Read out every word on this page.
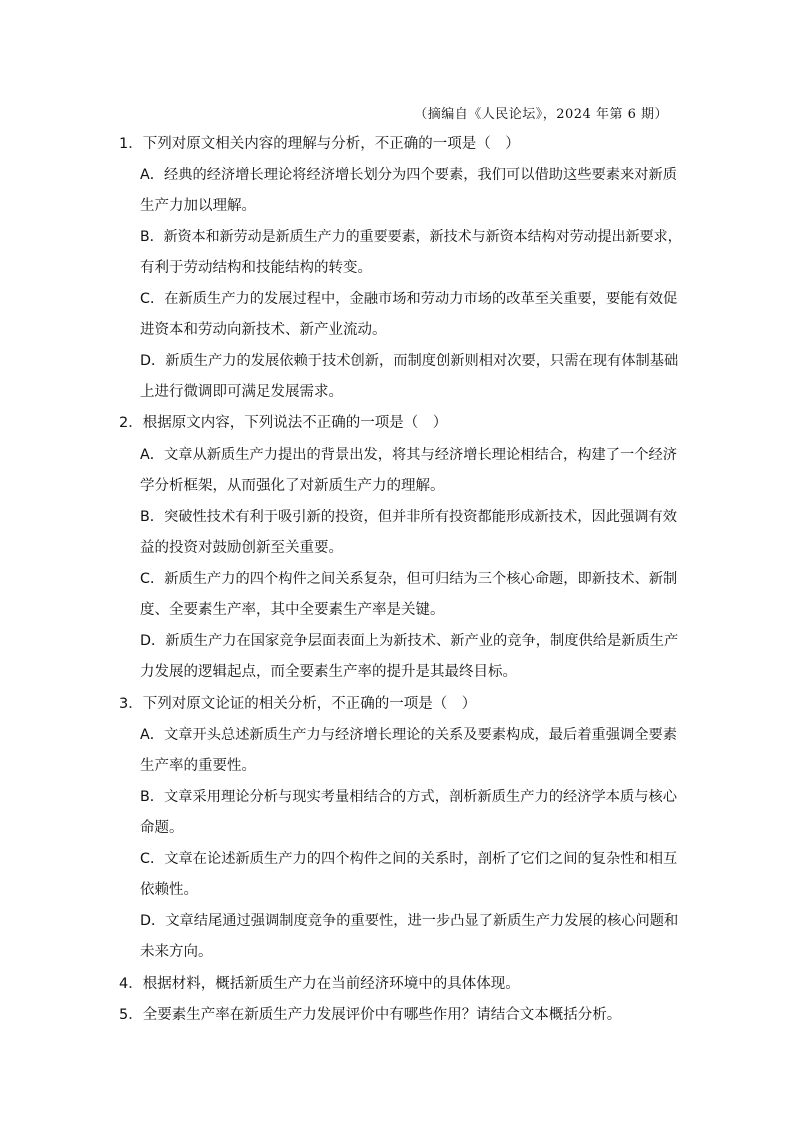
（摘编自《人民论坛》，2024 年第 6 期）
1．下列对原文相关内容的理解与分析，不正确的一项是（　）
A．经典的经济增长理论将经济增长划分为四个要素，我们可以借助这些要素来对新质
生产力加以理解。
B．新资本和新劳动是新质生产力的重要要素，新技术与新资本结构对劳动提出新要求，
有利于劳动结构和技能结构的转变。
C．在新质生产力的发展过程中，金融市场和劳动力市场的改革至关重要，要能有效促
进资本和劳动向新技术、新产业流动。
D．新质生产力的发展依赖于技术创新，而制度创新则相对次要，只需在现有体制基础
上进行微调即可满足发展需求。
2．根据原文内容，下列说法不正确的一项是（　）
A．文章从新质生产力提出的背景出发，将其与经济增长理论相结合，构建了一个经济
学分析框架，从而强化了对新质生产力的理解。
B．突破性技术有利于吸引新的投资，但并非所有投资都能形成新技术，因此强调有效
益的投资对鼓励创新至关重要。
C．新质生产力的四个构件之间关系复杂，但可归结为三个核心命题，即新技术、新制
度、全要素生产率，其中全要素生产率是关键。
D．新质生产力在国家竞争层面表面上为新技术、新产业的竞争，制度供给是新质生产
力发展的逻辑起点，而全要素生产率的提升是其最终目标。
3．下列对原文论证的相关分析，不正确的一项是（　）
A．文章开头总述新质生产力与经济增长理论的关系及要素构成，最后着重强调全要素
生产率的重要性。
B．文章采用理论分析与现实考量相结合的方式，剖析新质生产力的经济学本质与核心
命题。
C．文章在论述新质生产力的四个构件之间的关系时，剖析了它们之间的复杂性和相互
依赖性。
D．文章结尾通过强调制度竞争的重要性，进一步凸显了新质生产力发展的核心问题和
未来方向。
4．根据材料，概括新质生产力在当前经济环境中的具体体现。
5．全要素生产率在新质生产力发展评价中有哪些作用？请结合文本概括分析。
